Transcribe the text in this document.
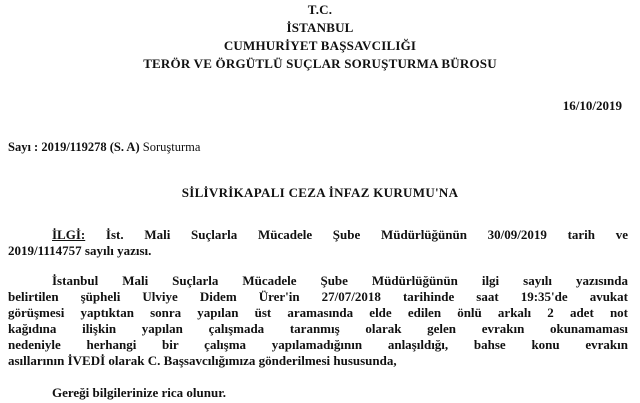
T.C.
İSTANBUL
CUMHURİYET BAŞSAVCILIĞI
TERÖR VE ÖRGÜTLÜ SUÇLAR SORUŞTURMA BÜROSU
16/10/2019
Sayı : 2019/119278 (S. A) Soruşturma
SİLİVRİKAPALI CEZA İNFAZ KURUMU'NA
İLGİ: İst. Mali Suçlarla Mücadele Şube Müdürlüğünün 30/09/2019 tarih ve
2019/1114757 sayılı yazısı.
İstanbul Mali Suçlarla Mücadele Şube Müdürlüğünün ilgi sayılı yazısında
belirtilen şüpheli Ulviye Didem Ürer'in 27/07/2018 tarihinde saat 19:35'de avukat
görüşmesi yaptıktan sonra yapılan üst aramasında elde edilen önlü arkalı 2 adet not
kağıdına ilişkin yapılan çalışmada taranmış olarak gelen evrakın okunamaması
nedeniyle herhangi bir çalışma yapılamadığının anlaşıldığı, bahse konu evrakın
asıllarının İVEDİ olarak C. Başsavcılığımıza gönderilmesi hususunda,
Gereği bilgilerinize rica olunur.
